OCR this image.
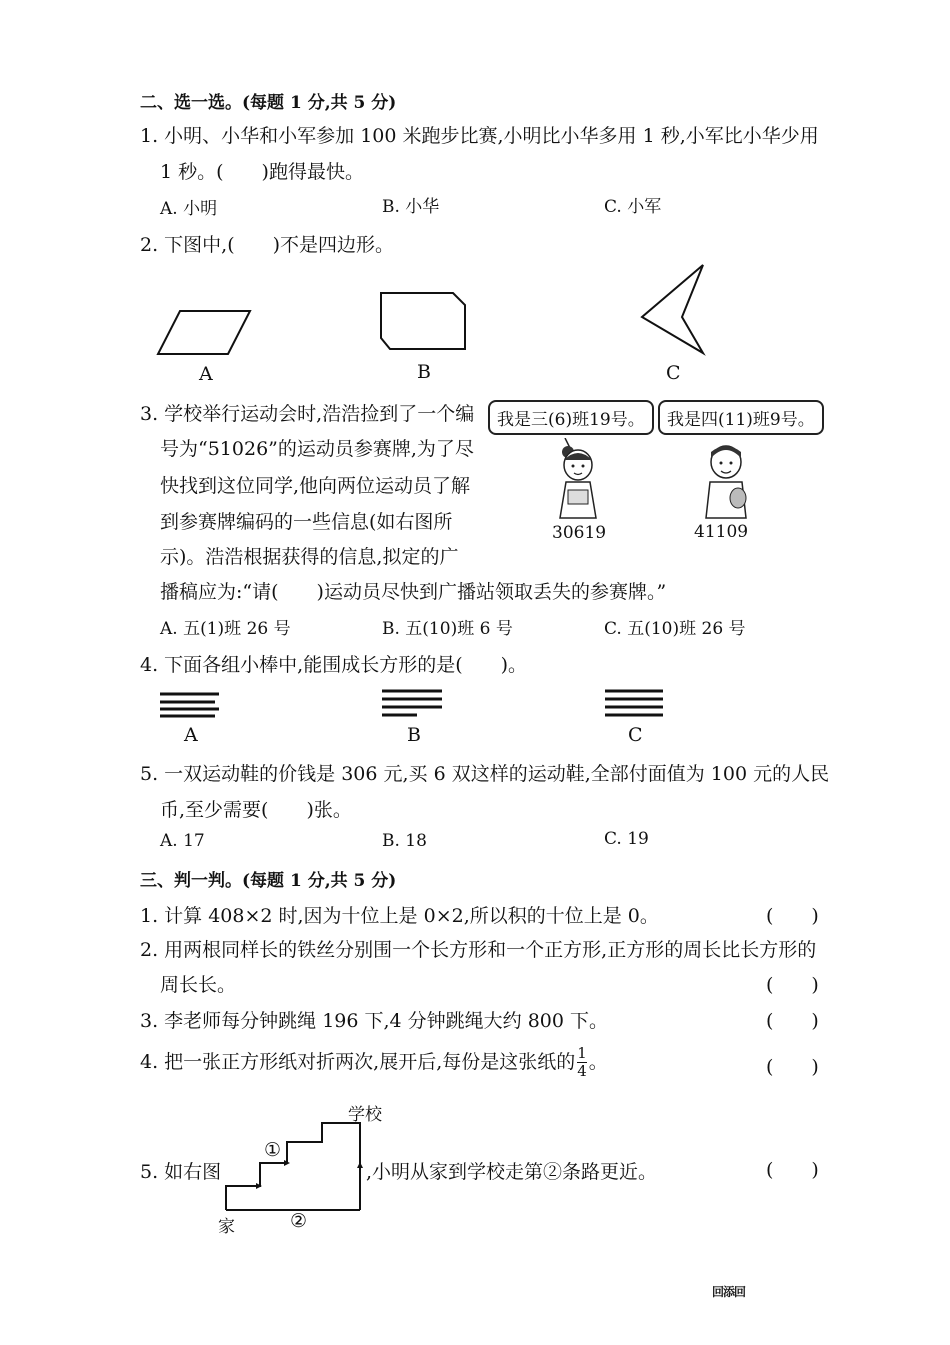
二、选一选。(每题 1 分,共 5 分)
1. 小明、小华和小军参加 100 米跑步比赛,小明比小华多用 1 秒,小军比小华少用
1 秒。(　　)跑得最快。
A. 小明	B. 小华	C. 小军
2. 下图中,(　　)不是四边形。
A	B	C
3. 学校举行运动会时,浩浩捡到了一个编
号为“51026”的运动员参赛牌,为了尽
快找到这位同学,他向两位运动员了解
到参赛牌编码的一些信息(如右图所
示)。浩浩根据获得的信息,拟定的广
播稿应为:“请(　　)运动员尽快到广播站领取丢失的参赛牌。”
我是三(6)班19号。	我是四(11)班9号。
30619	41109
A. 五(1)班 26 号	B. 五(10)班 6 号	C. 五(10)班 26 号
4. 下面各组小棒中,能围成长方形的是(　　)。
A	B	C
5. 一双运动鞋的价钱是 306 元,买 6 双这样的运动鞋,全部付面值为 100 元的人民
币,至少需要(　　)张。
A. 17	B. 18	C. 19
三、判一判。(每题 1 分,共 5 分)
1. 计算 408×2 时,因为十位上是 0×2,所以积的十位上是 0。	(　　)
2. 用两根同样长的铁丝分别围一个长方形和一个正方形,正方形的周长比长方形的
周长长。	(　　)
3. 李老师每分钟跳绳 196 下,4 分钟跳绳大约 800 下。	(　　)
4. 把一张正方形纸对折两次,展开后,每份是这张纸的 $\frac{1}{4}$ 。	(　　)
5. 如右图
学校
家
①
②
,小明从家到学校走第②条路更近。	(　　)
回添回
